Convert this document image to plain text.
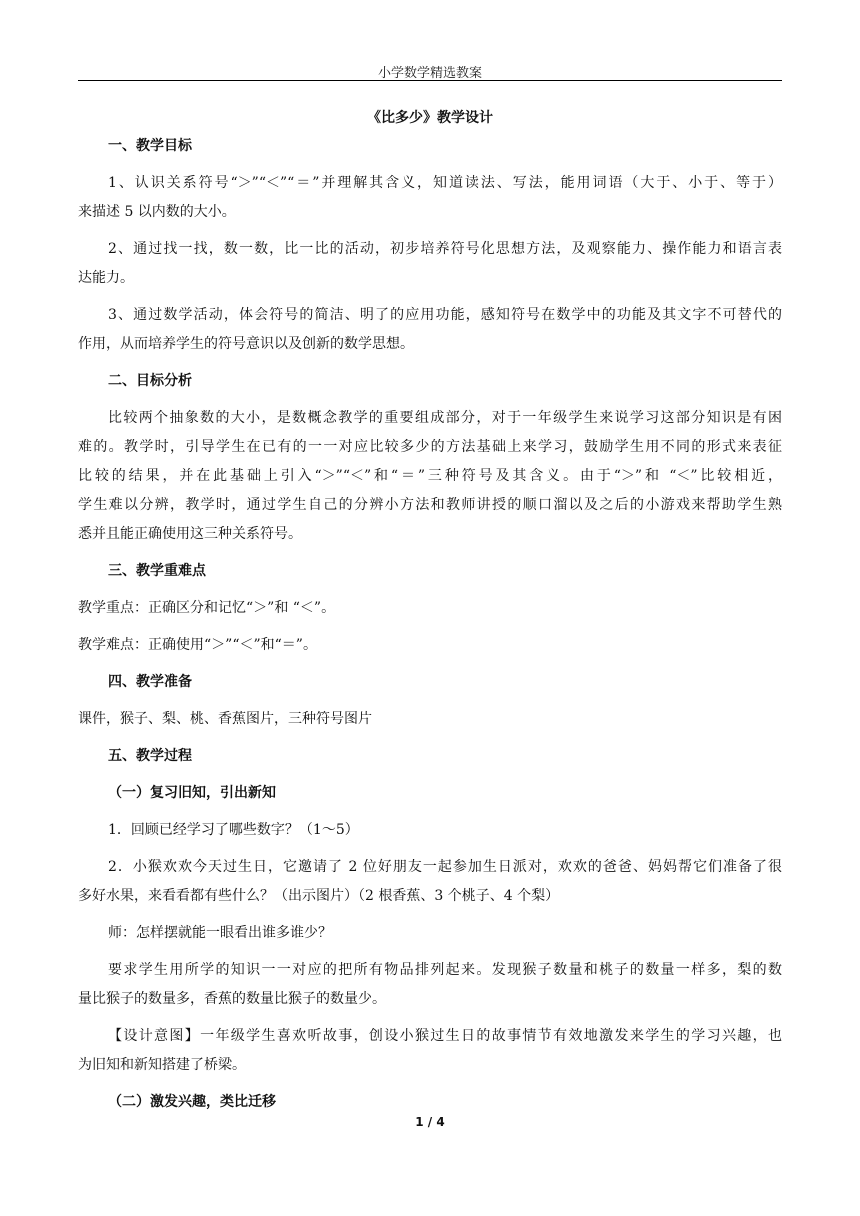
小学数学精选教案
《比多少》教学设计
一、教学目标
1、认识关系符号“＞”“＜”“＝”并理解其含义，知道读法、写法，能用词语（大于、小于、等于）
来描述 5 以内数的大小。
2、通过找一找，数一数，比一比的活动，初步培养符号化思想方法，及观察能力、操作能力和语言表
达能力。
3、通过数学活动，体会符号的简洁、明了的应用功能，感知符号在数学中的功能及其文字不可替代的
作用，从而培养学生的符号意识以及创新的数学思想。
二、目标分析
比较两个抽象数的大小，是数概念教学的重要组成部分，对于一年级学生来说学习这部分知识是有困
难的。教学时，引导学生在已有的一一对应比较多少的方法基础上来学习，鼓励学生用不同的形式来表征
比较的结果，并在此基础上引入“＞”“＜”和“＝”三种符号及其含义。由于“＞”和 “＜”比较相近，
学生难以分辨，教学时，通过学生自己的分辨小方法和教师讲授的顺口溜以及之后的小游戏来帮助学生熟
悉并且能正确使用这三种关系符号。
三、教学重难点
教学重点：正确区分和记忆“＞”和 “＜”。
教学难点：正确使用“＞”“＜”和“＝”。
四、教学准备
课件，猴子、梨、桃、香蕉图片，三种符号图片
五、教学过程
（一）复习旧知，引出新知
1．回顾已经学习了哪些数字？（1～5）
2．小猴欢欢今天过生日，它邀请了 2 位好朋友一起参加生日派对，欢欢的爸爸、妈妈帮它们准备了很
多好水果，来看看都有些什么？（出示图片）（2 根香蕉、3 个桃子、4 个梨）
师：怎样摆就能一眼看出谁多谁少？
要求学生用所学的知识一一对应的把所有物品排列起来。发现猴子数量和桃子的数量一样多，梨的数
量比猴子的数量多，香蕉的数量比猴子的数量少。
【设计意图】一年级学生喜欢听故事，创设小猴过生日的故事情节有效地激发来学生的学习兴趣，也
为旧知和新知搭建了桥梁。
（二）激发兴趣，类比迁移
1 / 4
